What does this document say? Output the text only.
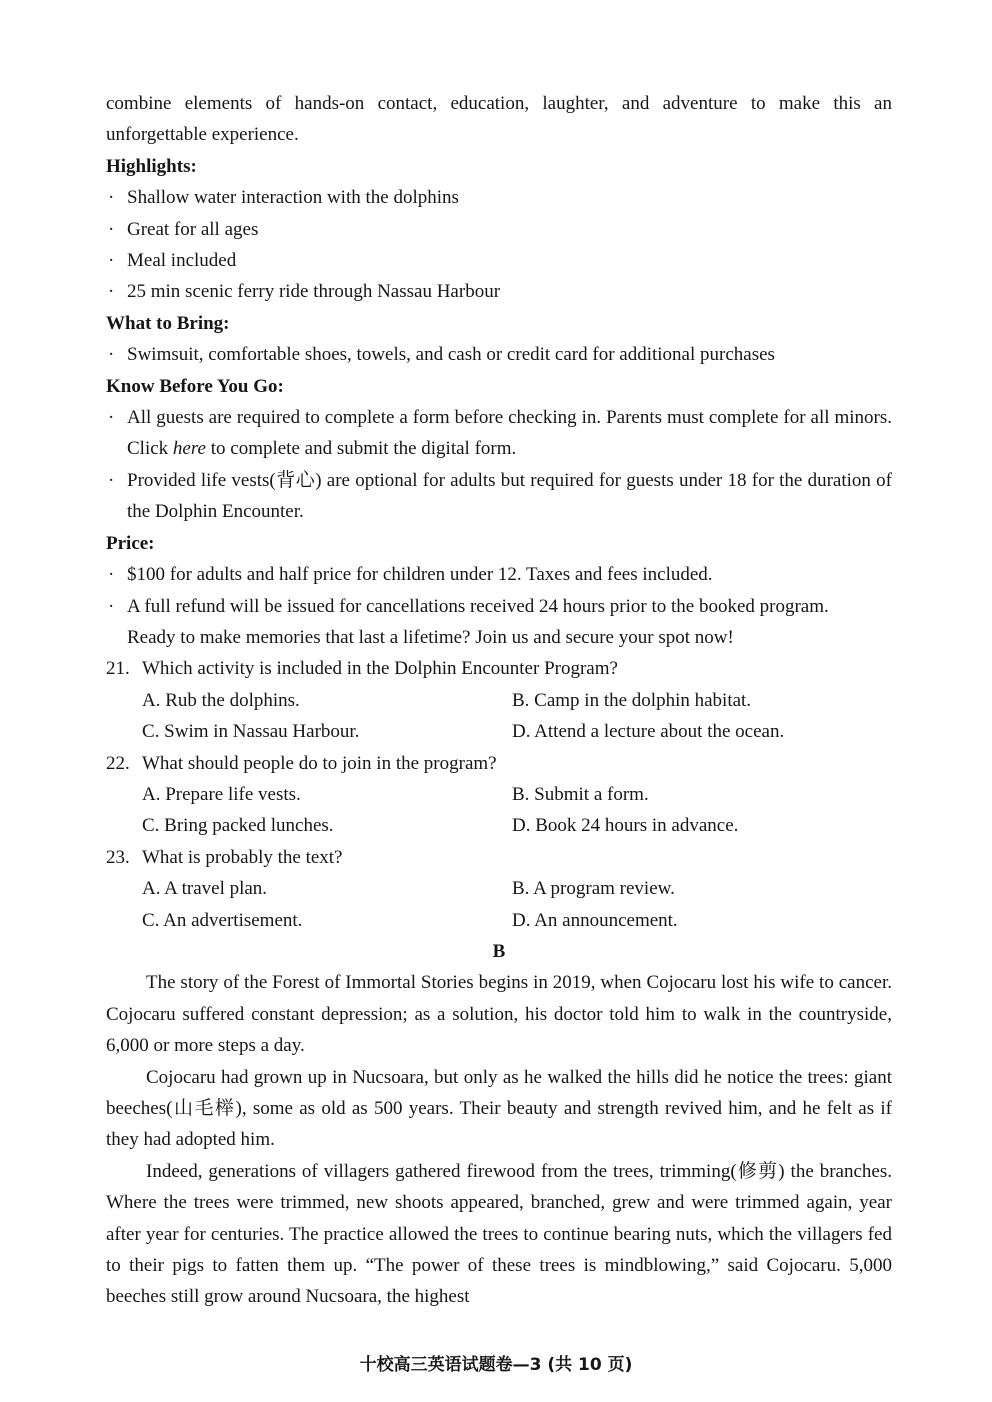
combine elements of hands-on contact, education, laughter, and adventure to make this an unforgettable experience.

Highlights:

· Shallow water interaction with the dolphins
· Great for all ages
· Meal included
· 25 min scenic ferry ride through Nassau Harbour

What to Bring:

· Swimsuit, comfortable shoes, towels, and cash or credit card for additional purchases

Know Before You Go:

· All guests are required to complete a form before checking in. Parents must complete for all minors. Click here to complete and submit the digital form.
· Provided life vests(背心) are optional for adults but required for guests under 18 for the duration of the Dolphin Encounter.

Price:

· $100 for adults and half price for children under 12. Taxes and fees included.
· A full refund will be issued for cancellations received 24 hours prior to the booked program.

Ready to make memories that last a lifetime? Join us and secure your spot now!

21. Which activity is included in the Dolphin Encounter Program?
A. Rub the dolphins.	B. Camp in the dolphin habitat.
C. Swim in Nassau Harbour.	D. Attend a lecture about the ocean.
22. What should people do to join in the program?
A. Prepare life vests.	B. Submit a form.
C. Bring packed lunches.	D. Book 24 hours in advance.
23. What is probably the text?
A. A travel plan.	B. A program review.
C. An advertisement.	D. An announcement.

B

The story of the Forest of Immortal Stories begins in 2019, when Cojocaru lost his wife to cancer. Cojocaru suffered constant depression; as a solution, his doctor told him to walk in the countryside, 6,000 or more steps a day.

Cojocaru had grown up in Nucsoara, but only as he walked the hills did he notice the trees: giant beeches(山毛榉), some as old as 500 years. Their beauty and strength revived him, and he felt as if they had adopted him.

Indeed, generations of villagers gathered firewood from the trees, trimming(修剪) the branches. Where the trees were trimmed, new shoots appeared, branched, grew and were trimmed again, year after year for centuries. The practice allowed the trees to continue bearing nuts, which the villagers fed to their pigs to fatten them up. “The power of these trees is mindblowing,” said Cojocaru. 5,000 beeches still grow around Nucsoara, the highest

十校高三英语试题卷—3 (共 10 页)
